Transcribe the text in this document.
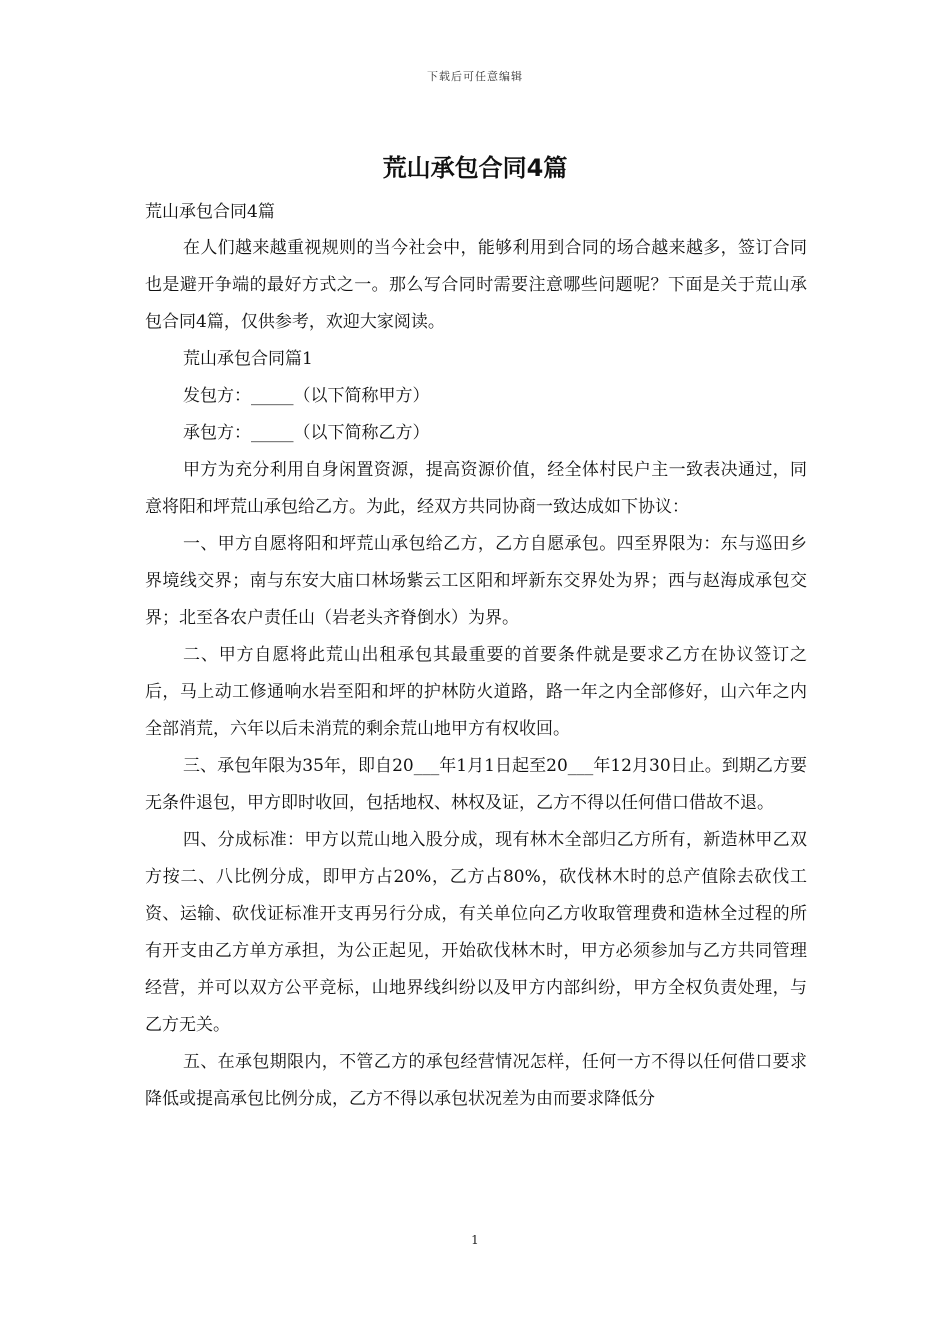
下载后可任意编辑
荒山承包合同4篇

荒山承包合同4篇

在人们越来越重视规则的当今社会中，能够利用到合同的场合越来越多，签订合同也是避开争端的最好方式之一。那么写合同时需要注意哪些问题呢？下面是关于荒山承包合同4篇，仅供参考，欢迎大家阅读。

荒山承包合同篇1

发包方：_____（以下简称甲方）

承包方：_____（以下简称乙方）

甲方为充分利用自身闲置资源，提高资源价值，经全体村民户主一致表决通过，同意将阳和坪荒山承包给乙方。为此，经双方共同协商一致达成如下协议：

一、甲方自愿将阳和坪荒山承包给乙方，乙方自愿承包。四至界限为：东与巡田乡界境线交界；南与东安大庙口林场紫云工区阳和坪新东交界处为界；西与赵海成承包交界；北至各农户责任山（岩老头齐脊倒水）为界。

二、甲方自愿将此荒山出租承包其最重要的首要条件就是要求乙方在协议签订之后，马上动工修通响水岩至阳和坪的护林防火道路，路一年之内全部修好，山六年之内全部消荒，六年以后未消荒的剩余荒山地甲方有权收回。

三、承包年限为35年，即自20___年1月1日起至20___年12月30日止。到期乙方要无条件退包，甲方即时收回，包括地权、林权及证，乙方不得以任何借口借故不退。

四、分成标准：甲方以荒山地入股分成，现有林木全部归乙方所有，新造林甲乙双方按二、八比例分成，即甲方占20%，乙方占80%，砍伐林木时的总产值除去砍伐工资、运输、砍伐证标准开支再另行分成，有关单位向乙方收取管理费和造林全过程的所有开支由乙方单方承担，为公正起见，开始砍伐林木时，甲方必须参加与乙方共同管理经营，并可以双方公平竞标，山地界线纠纷以及甲方内部纠纷，甲方全权负责处理，与乙方无关。

五、在承包期限内，不管乙方的承包经营情况怎样，任何一方不得以任何借口要求降低或提高承包比例分成，乙方不得以承包状况差为由而要求降低分

1
